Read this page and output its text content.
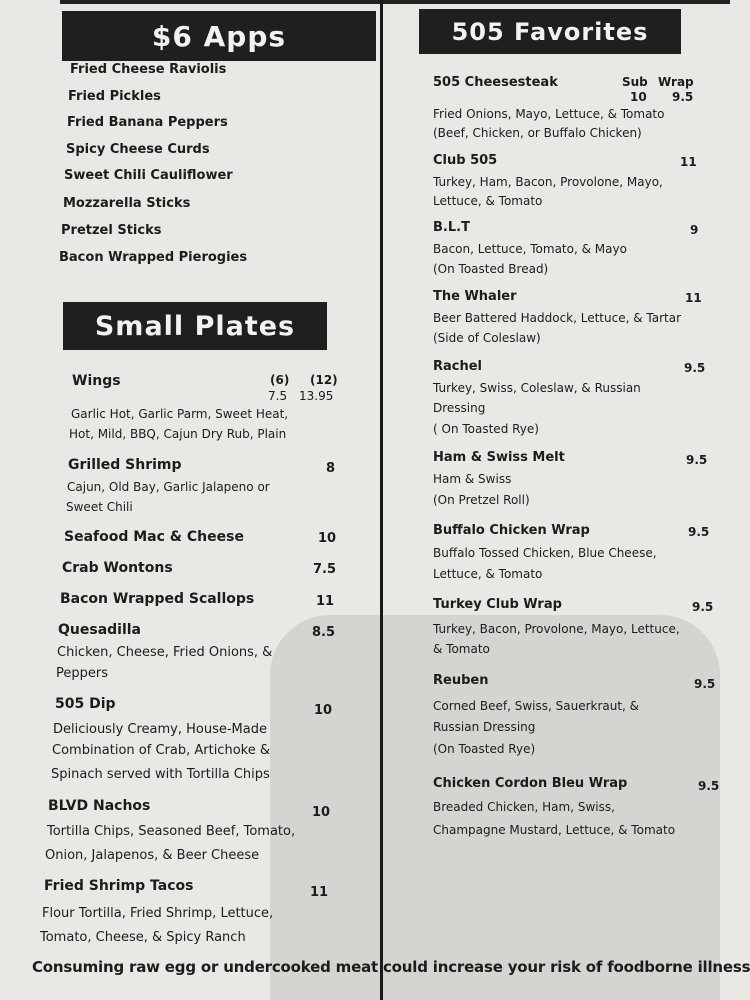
$6 Apps
Fried Cheese Raviolis
Fried Pickles
Fried Banana Peppers
Spicy Cheese Curds
Sweet Chili Cauliflower
Mozzarella Sticks
Pretzel Sticks
Bacon Wrapped Pierogies
Small Plates
Wings	(6) (12)
7.5 13.95
Garlic Hot, Garlic Parm, Sweet Heat,
Hot, Mild, BBQ, Cajun Dry Rub, Plain
Grilled Shrimp	8
Cajun, Old Bay, Garlic Jalapeno or
Sweet Chili
Seafood Mac & Cheese	10
Crab Wontons	7.5
Bacon Wrapped Scallops	11
Quesadilla	8.5
Chicken, Cheese, Fried Onions, &
Peppers
505 Dip	10
Deliciously Creamy, House-Made
Combination of Crab, Artichoke &
Spinach served with Tortilla Chips
BLVD Nachos	10
Tortilla Chips, Seasoned Beef, Tomato,
Onion, Jalapenos, & Beer Cheese
Fried Shrimp Tacos	11
Flour Tortilla, Fried Shrimp, Lettuce,
Tomato, Cheese, & Spicy Ranch
505 Favorites
505 Cheesesteak	Sub Wrap
10 9.5
Fried Onions, Mayo, Lettuce, & Tomato
(Beef, Chicken, or Buffalo Chicken)
Club 505	11
Turkey, Ham, Bacon, Provolone, Mayo,
Lettuce, & Tomato
B.L.T	9
Bacon, Lettuce, Tomato, & Mayo
(On Toasted Bread)
The Whaler	11
Beer Battered Haddock, Lettuce, & Tartar
(Side of Coleslaw)
Rachel	9.5
Turkey, Swiss, Coleslaw, & Russian
Dressing
( On Toasted Rye)
Ham & Swiss Melt	9.5
Ham & Swiss
(On Pretzel Roll)
Buffalo Chicken Wrap	9.5
Buffalo Tossed Chicken, Blue Cheese,
Lettuce, & Tomato
Turkey Club Wrap	9.5
Turkey, Bacon, Provolone, Mayo, Lettuce,
& Tomato
Reuben	9.5
Corned Beef, Swiss, Sauerkraut, &
Russian Dressing
(On Toasted Rye)
Chicken Cordon Bleu Wrap	9.5
Breaded Chicken, Ham, Swiss,
Champagne Mustard, Lettuce, & Tomato
Consuming raw egg or undercooked meat could increase your risk of foodborne illness
